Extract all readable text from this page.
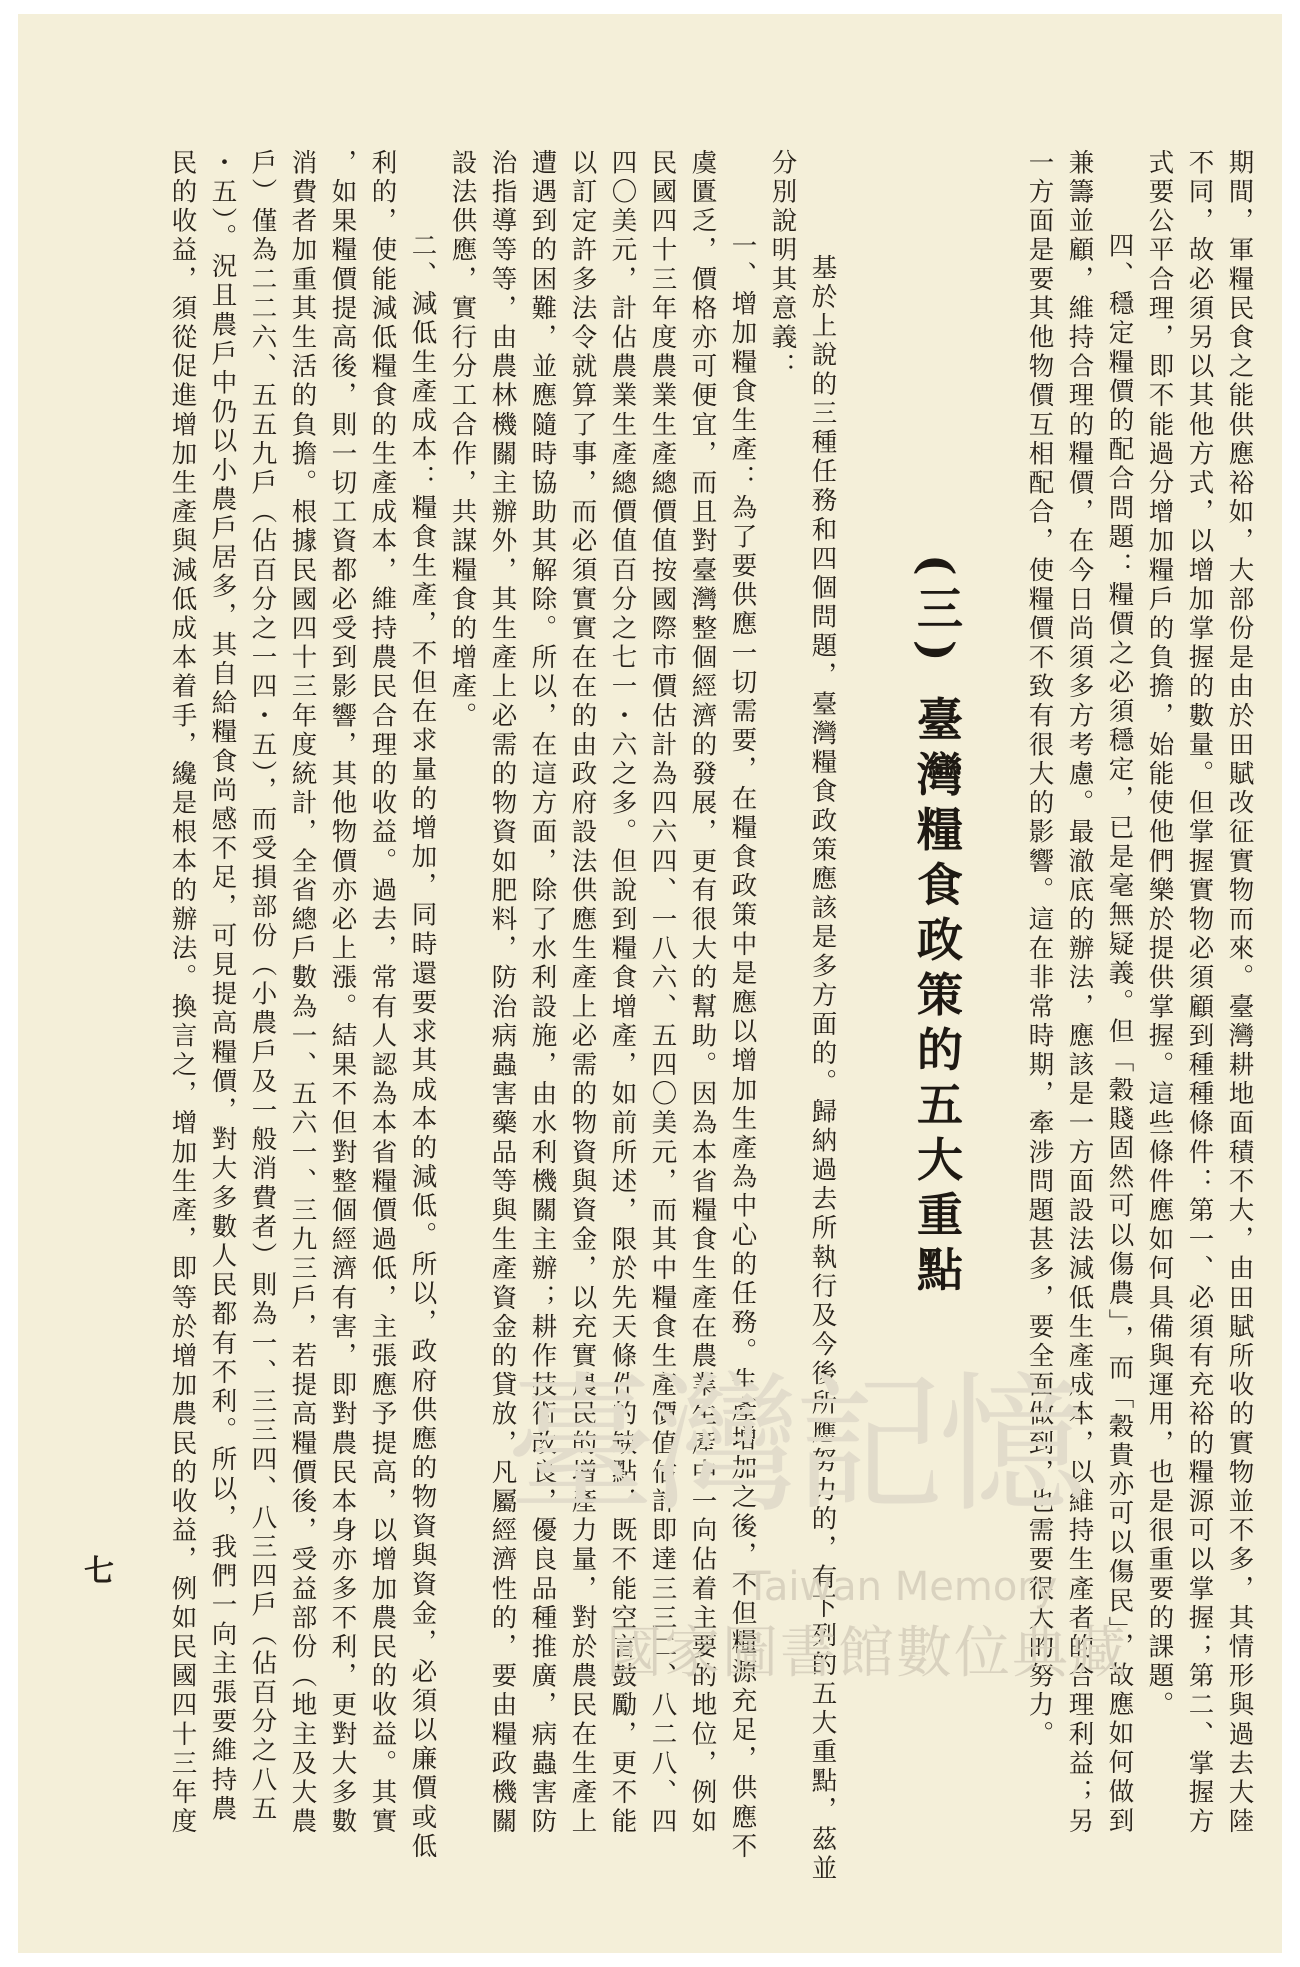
期間，軍糧民食之能供應裕如，大部份是由於田賦改征實物而來。臺灣耕地面積不大，由田賦所收的實物並不多，其情形與過去大陸
不同，故必須另以其他方式，以增加掌握的數量。但掌握實物必須顧到種種條件：第一、必須有充裕的糧源可以掌握；第二、掌握方
式要公平合理，即不能過分增加糧戶的負擔，始能使他們樂於提供掌握。這些條件應如何具備與運用，也是很重要的課題。
四、穩定糧價的配合問題：糧價之必須穩定，已是毫無疑義。但「穀賤固然可以傷農」，而「穀貴亦可以傷民」，故應如何做到
兼籌並顧，維持合理的糧價，在今日尚須多方考慮。最澈底的辦法，應該是一方面設法減低生產成本，以維持生產者的合理利益；另
一方面是要其他物價互相配合，使糧價不致有很大的影響。這在非常時期，牽涉問題甚多，要全面做到，也需要很大的努力。
基於上說的三種任務和四個問題，臺灣糧食政策應該是多方面的。歸納過去所執行及今後所應努力的，有下列的五大重點，茲並
分別說明其意義：
一、增加糧食生產：為了要供應一切需要，在糧食政策中是應以增加生產為中心的任務。生產增加之後，不但糧源充足，供應不
虞匱乏，價格亦可便宜，而且對臺灣整個經濟的發展，更有很大的幫助。因為本省糧食生產在農業生產中一向佔着主要的地位，例如
民國四十三年度農業生產總價值按國際市價估計為四六四、一八六、五四〇美元，而其中糧食生產價值估計即達三三二、八二八、四
四〇美元，計佔農業生產總價值百分之七一・六之多。但說到糧食增產，如前所述，限於先天條件的缺點，既不能空言鼓勵，更不能
以訂定許多法令就算了事，而必須實實在在的由政府設法供應生產上必需的物資與資金，以充實農民的增產力量，對於農民在生產上
遭遇到的困難，並應隨時協助其解除。所以，在這方面，除了水利設施，由水利機關主辦；耕作技術改良，優良品種推廣，病蟲害防
治指導等等，由農林機關主辦外，其生產上必需的物資如肥料，防治病蟲害藥品等與生產資金的貸放，凡屬經濟性的，要由糧政機關
設法供應，實行分工合作，共謀糧食的增產。
二、減低生產成本：糧食生產，不但在求量的增加，同時還要求其成本的減低。所以，政府供應的物資與資金，必須以廉價或低
利的，使能減低糧食的生產成本，維持農民合理的收益。過去，常有人認為本省糧價過低，主張應予提高，以增加農民的收益。其實
，如果糧價提高後，則一切工資都必受到影響，其他物價亦必上漲。結果不但對整個經濟有害，即對農民本身亦多不利，更對大多數
消費者加重其生活的負擔。根據民國四十三年度統計，全省總戶數為一、五六一、三九三戶，若提高糧價後，受益部份（地主及大農
戶）僅為二二六、五五九戶（佔百分之一四・五），而受損部份（小農戶及一般消費者）則為一、三三四、八三四戶（佔百分之八五
・五）。況且農戶中仍以小農戶居多，其自給糧食尚感不足，可見提高糧價，對大多數人民都有不利。所以，我們一向主張要維持農
民的收益，須從促進增加生產與減低成本着手，纔是根本的辦法。換言之，增加生產，即等於增加農民的收益，例如民國四十三年度	(三) 臺灣糧食政策的五大重點
七
臺灣記憶
Taiwan Memory
國家圖書館數位典藏
